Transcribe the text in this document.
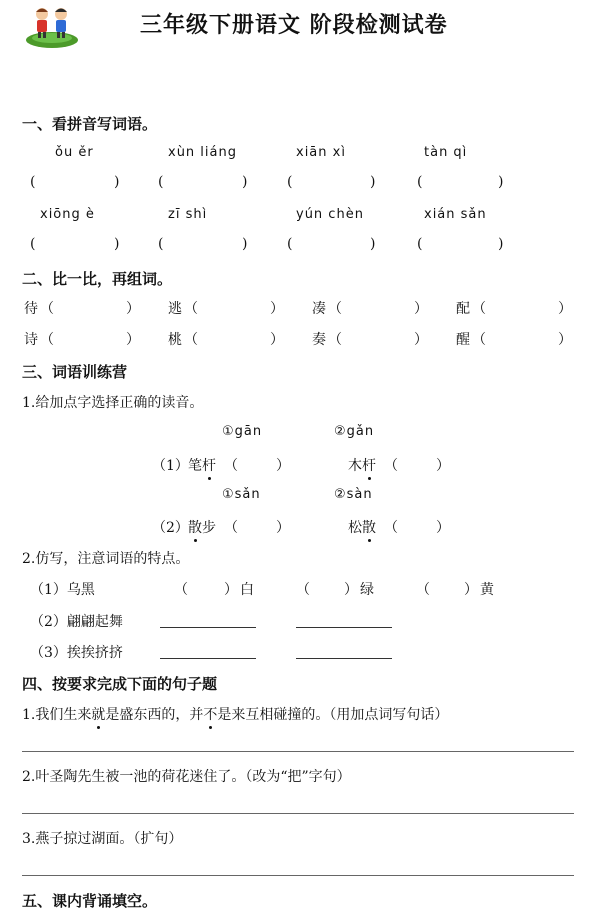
三年级下册语文 阶段检测试卷
一、看拼音写词语。
ǒu ěr	xùn liáng	xiān xì	tàn qì
(	)	(	)	(	)	(	)
xiōng è	zī shì	yún chèn	xián sǎn
(	)	(	)	(	)	(	)
二、比一比，再组词。
待 （	） 逃 （	） 凑 （	） 配 （	）
诗 （	） 桃 （	） 奏 （	） 醒 （	）
三、词语训练营
1.给加点字选择正确的读音。
①gān	②gǎn
（1） 笔杆 （	）	木杆 （	）
①sǎn	②sàn
（2） 散步 （	）	松散 （	）
2.仿写，注意词语的特点。
（1）乌黑	（	） 白	（ ） 绿	（ ） 黄
（2）翩翩起舞
（3）挨挨挤挤
四、按要求完成下面的句子题
1.我们生来就是盛东西的，并不是来互相碰撞的。（用加点词写句话）
2.叶圣陶先生被一池的荷花迷住了。（改为“把”字句）
3.燕子掠过湖面。（扩句）
五、课内背诵填空。
